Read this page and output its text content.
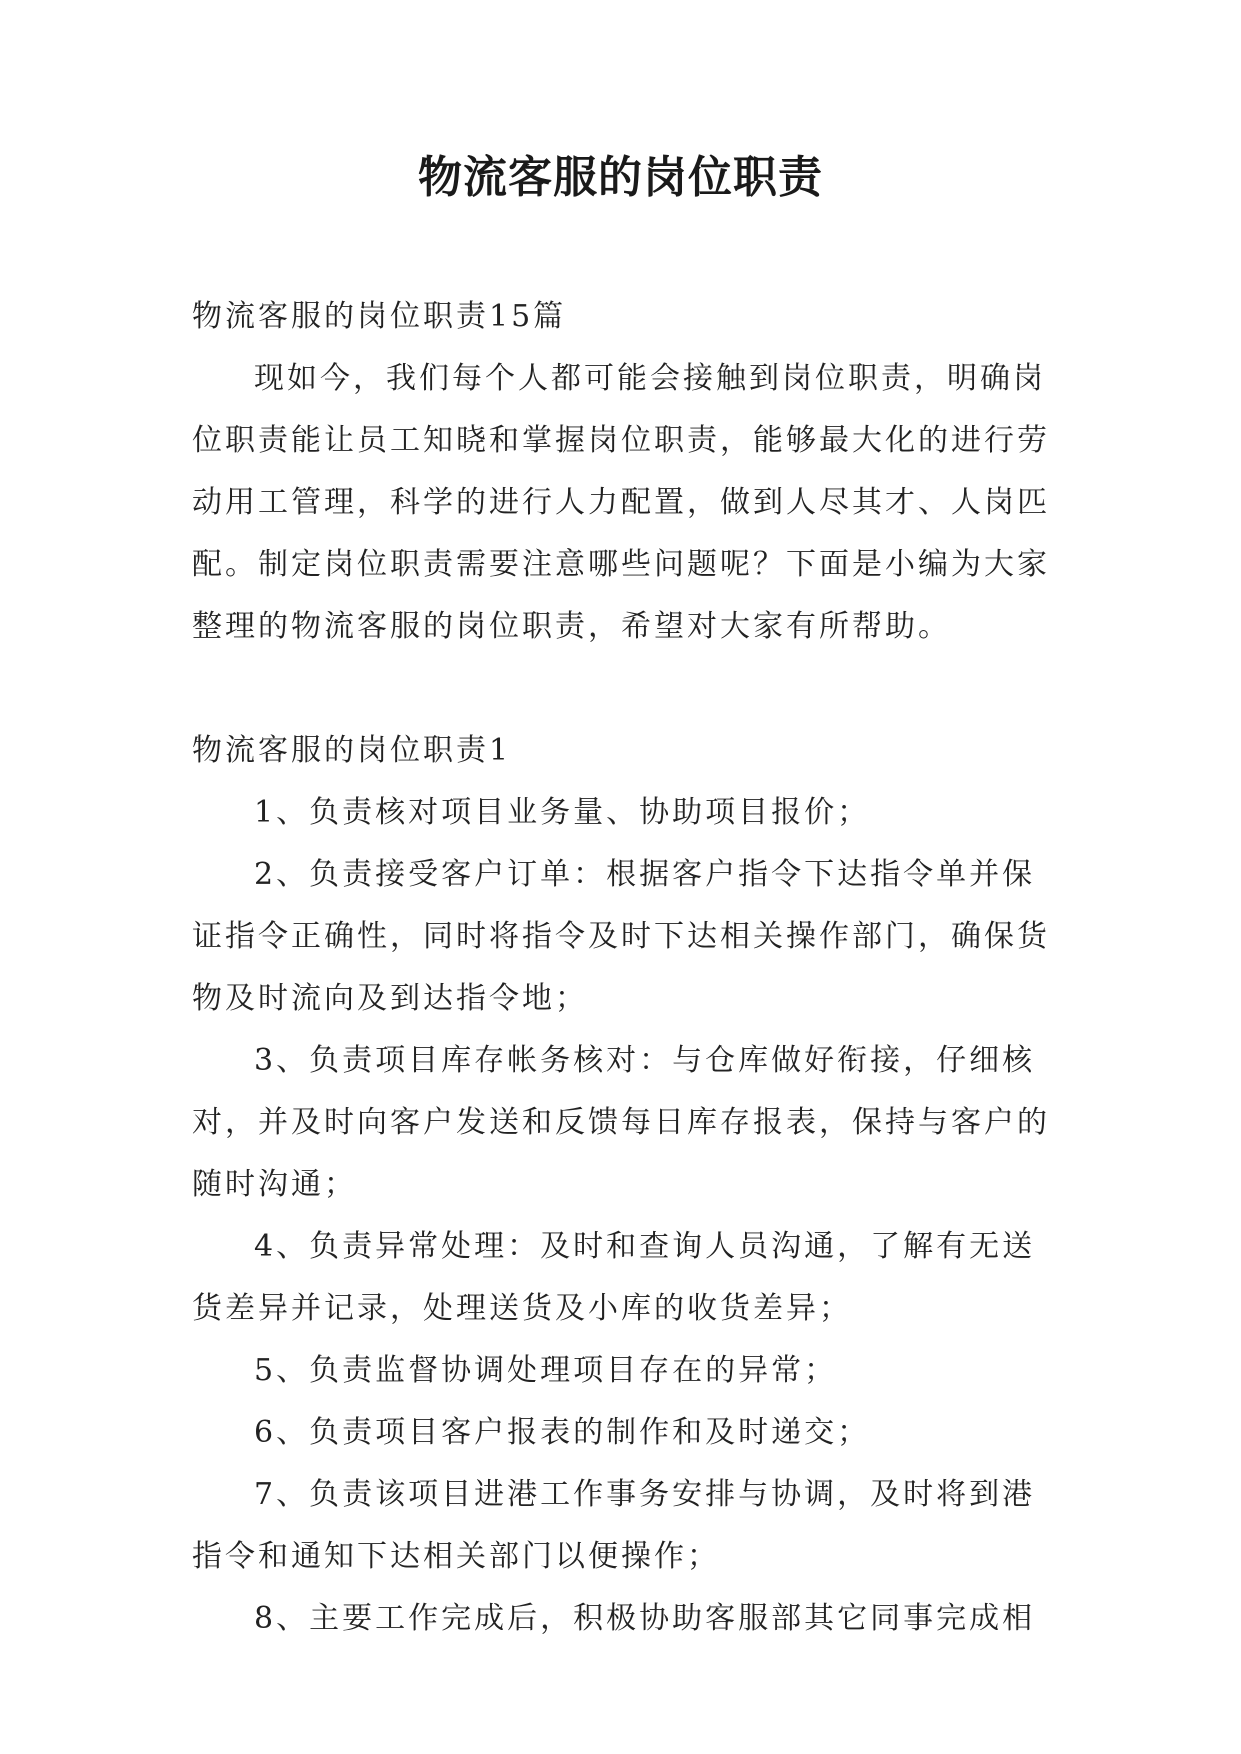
物流客服的岗位职责

物流客服的岗位职责15篇

现如今，我们每个人都可能会接触到岗位职责，明确岗位职责能让员工知晓和掌握岗位职责，能够最大化的进行劳动用工管理，科学的进行人力配置，做到人尽其才、人岗匹配。制定岗位职责需要注意哪些问题呢？下面是小编为大家整理的物流客服的岗位职责，希望对大家有所帮助。

物流客服的岗位职责1

1、负责核对项目业务量、协助项目报价；

2、负责接受客户订单：根据客户指令下达指令单并保证指令正确性，同时将指令及时下达相关操作部门，确保货物及时流向及到达指令地；

3、负责项目库存帐务核对：与仓库做好衔接，仔细核对，并及时向客户发送和反馈每日库存报表，保持与客户的随时沟通；

4、负责异常处理：及时和查询人员沟通，了解有无送货差异并记录，处理送货及小库的收货差异；

5、负责监督协调处理项目存在的异常；

6、负责项目客户报表的制作和及时递交；

7、负责该项目进港工作事务安排与协调，及时将到港指令和通知下达相关部门以便操作；

8、主要工作完成后，积极协助客服部其它同事完成相
